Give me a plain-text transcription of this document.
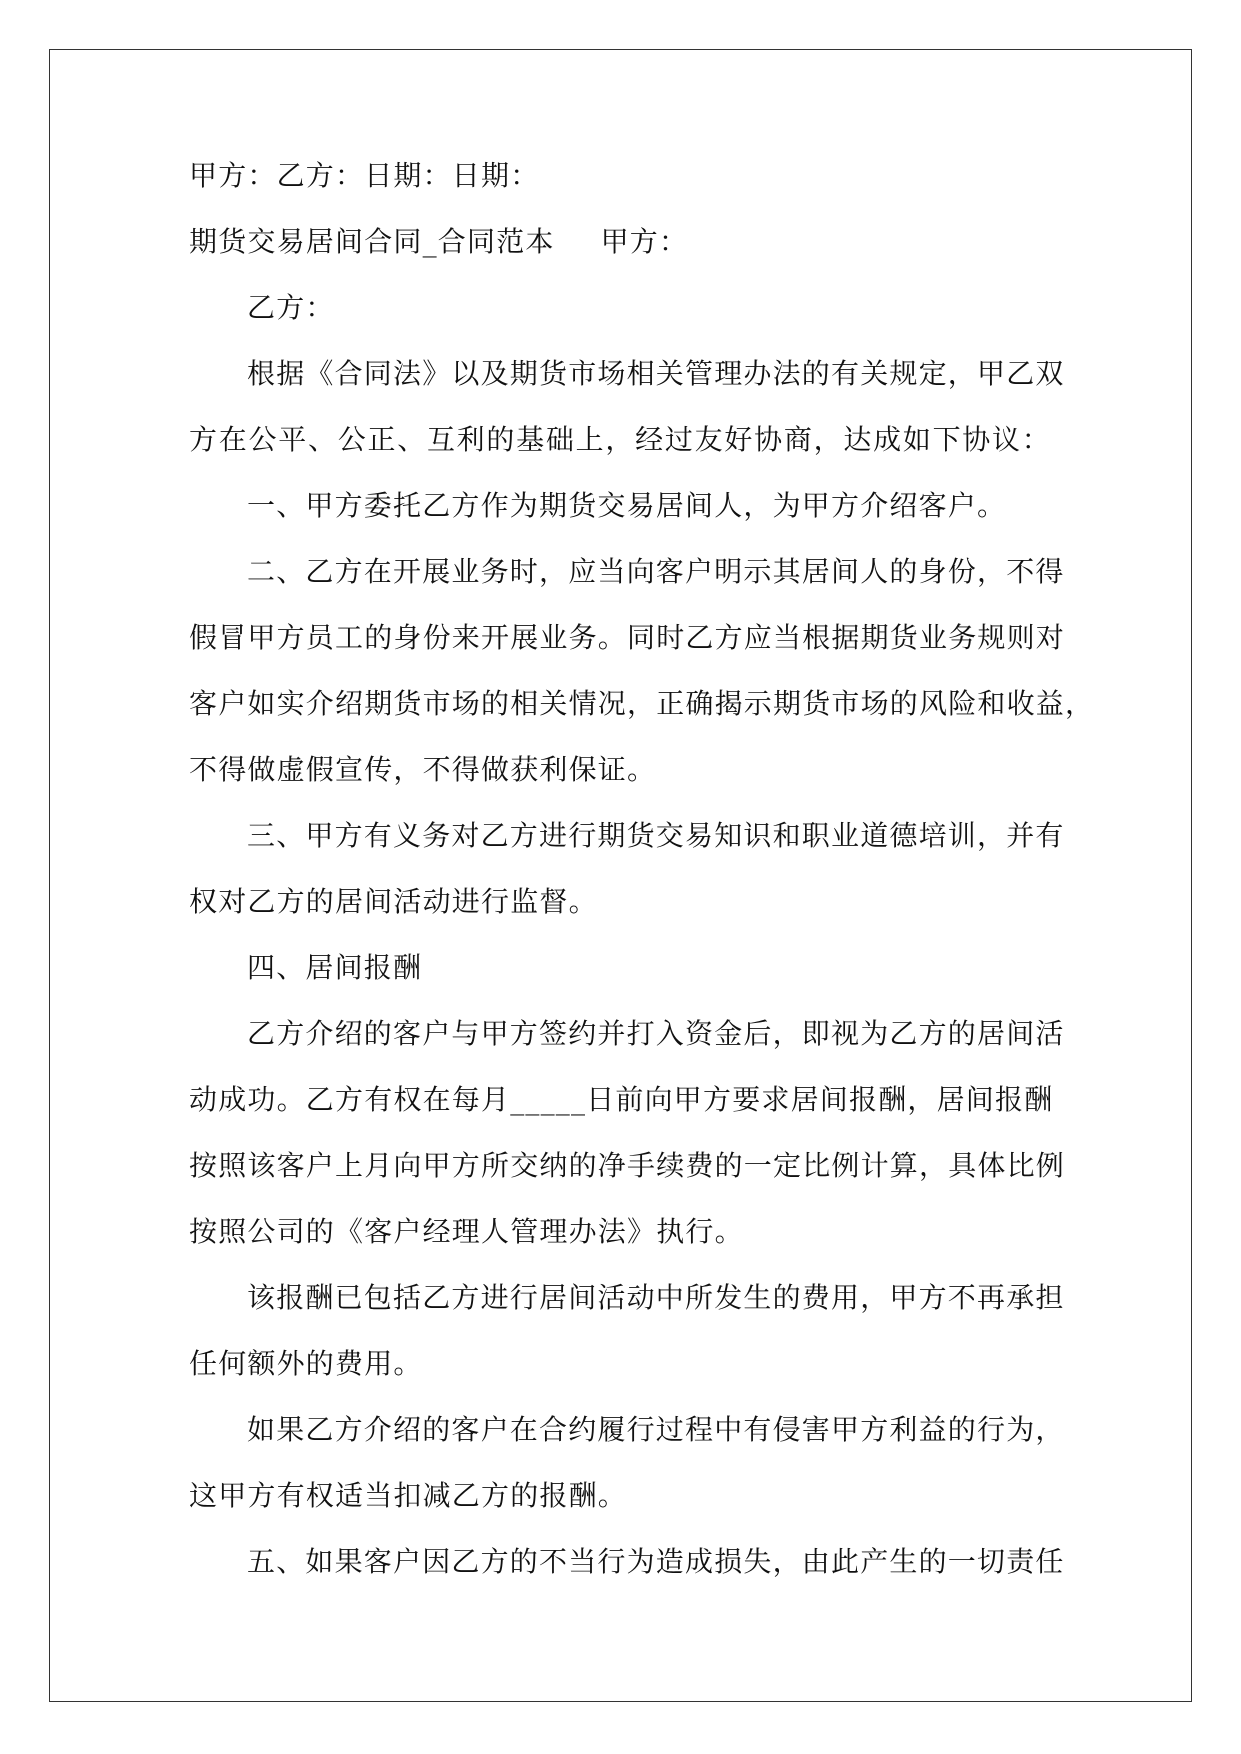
甲方：乙方：日期：日期：
期货交易居间合同_合同范本 甲方：
乙方：
根据《合同法》以及期货市场相关管理办法的有关规定，甲乙双
方在公平、公正、互利的基础上，经过友好协商，达成如下协议：
一、甲方委托乙方作为期货交易居间人，为甲方介绍客户。
二、乙方在开展业务时，应当向客户明示其居间人的身份，不得
假冒甲方员工的身份来开展业务。同时乙方应当根据期货业务规则对
客户如实介绍期货市场的相关情况，正确揭示期货市场的风险和收益，
不得做虚假宣传，不得做获利保证。
三、甲方有义务对乙方进行期货交易知识和职业道德培训，并有
权对乙方的居间活动进行监督。
四、居间报酬
乙方介绍的客户与甲方签约并打入资金后，即视为乙方的居间活
动成功。乙方有权在每月_____日前向甲方要求居间报酬，居间报酬
按照该客户上月向甲方所交纳的净手续费的一定比例计算，具体比例
按照公司的《客户经理人管理办法》执行。
该报酬已包括乙方进行居间活动中所发生的费用，甲方不再承担
任何额外的费用。
如果乙方介绍的客户在合约履行过程中有侵害甲方利益的行为，
这甲方有权适当扣减乙方的报酬。
五、如果客户因乙方的不当行为造成损失，由此产生的一切责任
